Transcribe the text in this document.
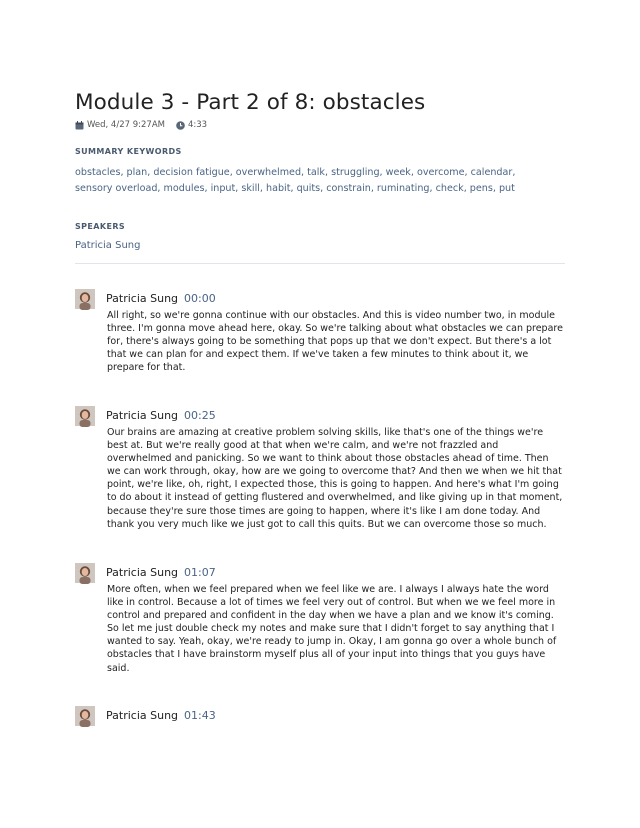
Module 3 - Part 2 of 8: obstacles
Wed, 4/27 9:27AM	4:33
SUMMARY KEYWORDS
obstacles, plan, decision fatigue, overwhelmed, talk, struggling, week, overcome, calendar, sensory overload, modules, input, skill, habit, quits, constrain, ruminating, check, pens, put
SPEAKERS
Patricia Sung
Patricia Sung 00:00
All right, so we're gonna continue with our obstacles. And this is video number two, in module three. I'm gonna move ahead here, okay. So we're talking about what obstacles we can prepare for, there's always going to be something that pops up that we don't expect. But there's a lot that we can plan for and expect them. If we've taken a few minutes to think about it, we prepare for that.
Patricia Sung 00:25
Our brains are amazing at creative problem solving skills, like that's one of the things we're best at. But we're really good at that when we're calm, and we're not frazzled and overwhelmed and panicking. So we want to think about those obstacles ahead of time. Then we can work through, okay, how are we going to overcome that? And then we when we hit that point, we're like, oh, right, I expected those, this is going to happen. And here's what I'm going to do about it instead of getting flustered and overwhelmed, and like giving up in that moment, because they're sure those times are going to happen, where it's like I am done today. And thank you very much like we just got to call this quits. But we can overcome those so much.
Patricia Sung 01:07
More often, when we feel prepared when we feel like we are. I always I always hate the word like in control. Because a lot of times we feel very out of control. But when we we feel more in control and prepared and confident in the day when we have a plan and we know it's coming. So let me just double check my notes and make sure that I didn't forget to say anything that I wanted to say. Yeah, okay, we're ready to jump in. Okay, I am gonna go over a whole bunch of obstacles that I have brainstorm myself plus all of your input into things that you guys have said.
Patricia Sung 01:43
